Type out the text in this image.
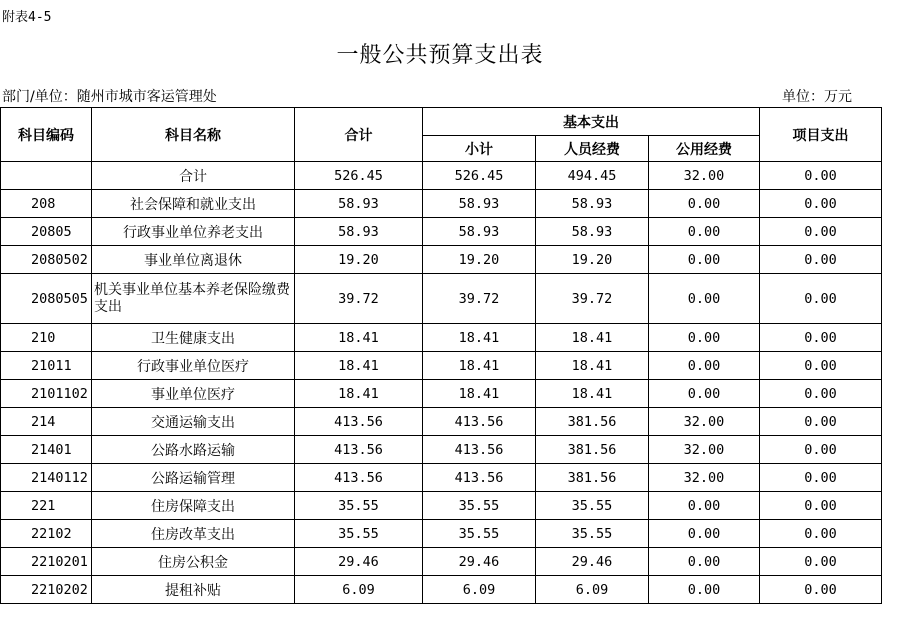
附表4-5
一般公共预算支出表
部门/单位：随州市城市客运管理处	单位：万元
科目编码	科目名称	合计	基本支出			项目支出
			小计	人员经费	公用经费	
	合计	526.45	526.45	494.45	32.00	0.00
208	社会保障和就业支出	58.93	58.93	58.93	0.00	0.00
20805	行政事业单位养老支出	58.93	58.93	58.93	0.00	0.00
2080502	事业单位离退休	19.20	19.20	19.20	0.00	0.00
2080505	机关事业单位基本养老保险缴费支出	39.72	39.72	39.72	0.00	0.00
210	卫生健康支出	18.41	18.41	18.41	0.00	0.00
21011	行政事业单位医疗	18.41	18.41	18.41	0.00	0.00
2101102	事业单位医疗	18.41	18.41	18.41	0.00	0.00
214	交通运输支出	413.56	413.56	381.56	32.00	0.00
21401	公路水路运输	413.56	413.56	381.56	32.00	0.00
2140112	公路运输管理	413.56	413.56	381.56	32.00	0.00
221	住房保障支出	35.55	35.55	35.55	0.00	0.00
22102	住房改革支出	35.55	35.55	35.55	0.00	0.00
2210201	住房公积金	29.46	29.46	29.46	0.00	0.00
2210202	提租补贴	6.09	6.09	6.09	0.00	0.00
